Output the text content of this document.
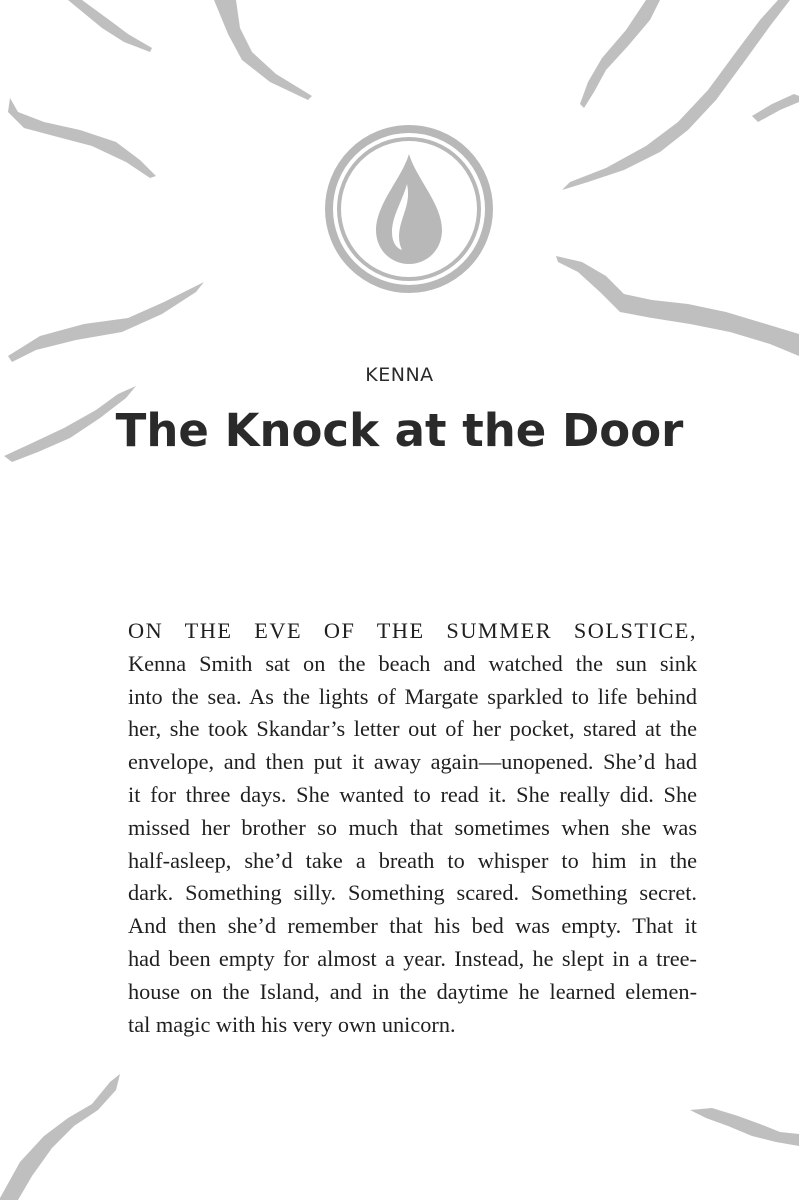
KENNA
The Knock at the Door
ON THE EVE OF THE SUMMER SOLSTICE,
Kenna Smith sat on the beach and watched the sun sink
into the sea. As the lights of Margate sparkled to life behind
her, she took Skandar’s letter out of her pocket, stared at the
envelope, and then put it away again—unopened. She’d had
it for three days. She wanted to read it. She really did. She
missed her brother so much that sometimes when she was
half-asleep, she’d take a breath to whisper to him in the
dark. Something silly. Something scared. Something secret.
And then she’d remember that his bed was empty. That it
had been empty for almost a year. Instead, he slept in a tree-
house on the Island, and in the daytime he learned elemen-
tal magic with his very own unicorn.
